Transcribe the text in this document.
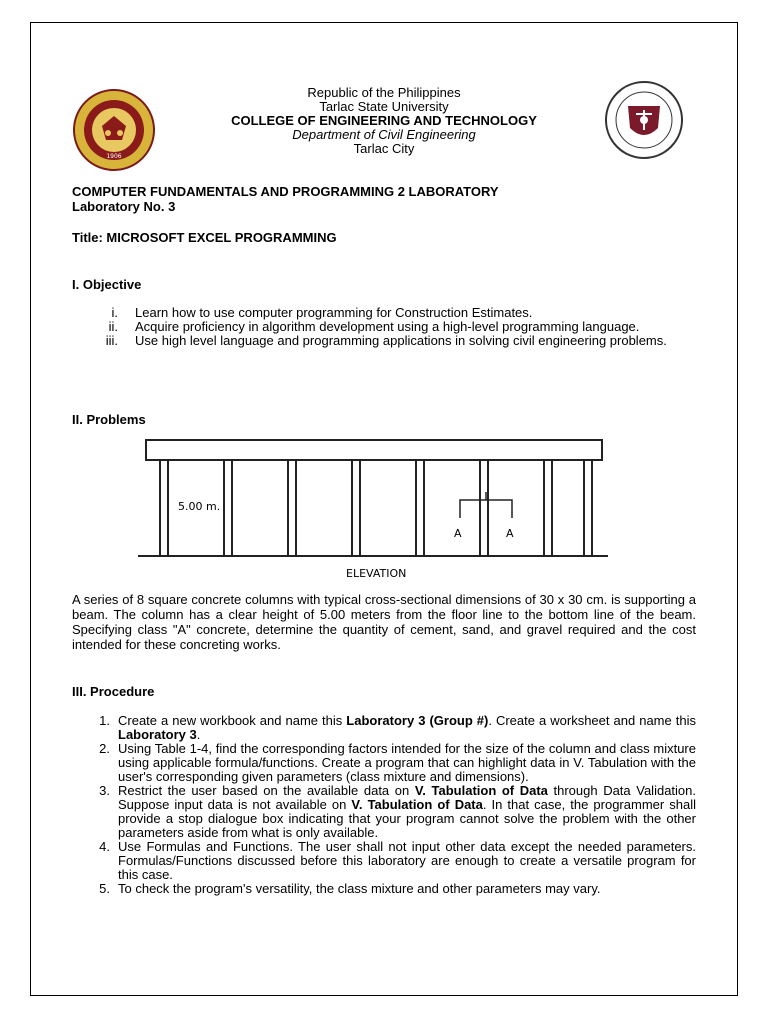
1906
Republic of the Philippines
Tarlac State University
COLLEGE OF ENGINEERING AND TECHNOLOGY
Department of Civil Engineering
Tarlac City
COMPUTER FUNDAMENTALS AND PROGRAMMING 2 LABORATORY
Laboratory No. 3
Title: MICROSOFT EXCEL PROGRAMMING
I. Objective
i.	Learn how to use computer programming for Construction Estimates.
ii.	Acquire proficiency in algorithm development using a high-level programming language.
iii.	Use high level language and programming applications in solving civil engineering problems.
II. Problems
5.00 m.
A	A
ELEVATION
A series of 8 square concrete columns with typical cross-sectional dimensions of 30 x 30 cm. is supporting a beam. The column has a clear height of 5.00 meters from the floor line to the bottom line of the beam. Specifying class "A" concrete, determine the quantity of cement, sand, and gravel required and the cost intended for these concreting works.
III. Procedure
1. Create a new workbook and name this Laboratory 3 (Group #). Create a worksheet and name this Laboratory 3.
2. Using Table 1-4, find the corresponding factors intended for the size of the column and class mixture using applicable formula/functions. Create a program that can highlight data in V. Tabulation with the user's corresponding given parameters (class mixture and dimensions).
3. Restrict the user based on the available data on V. Tabulation of Data through Data Validation. Suppose input data is not available on V. Tabulation of Data. In that case, the programmer shall provide a stop dialogue box indicating that your program cannot solve the problem with the other parameters aside from what is only available.
4. Use Formulas and Functions. The user shall not input other data except the needed parameters. Formulas/Functions discussed before this laboratory are enough to create a versatile program for this case.
5. To check the program's versatility, the class mixture and other parameters may vary.
